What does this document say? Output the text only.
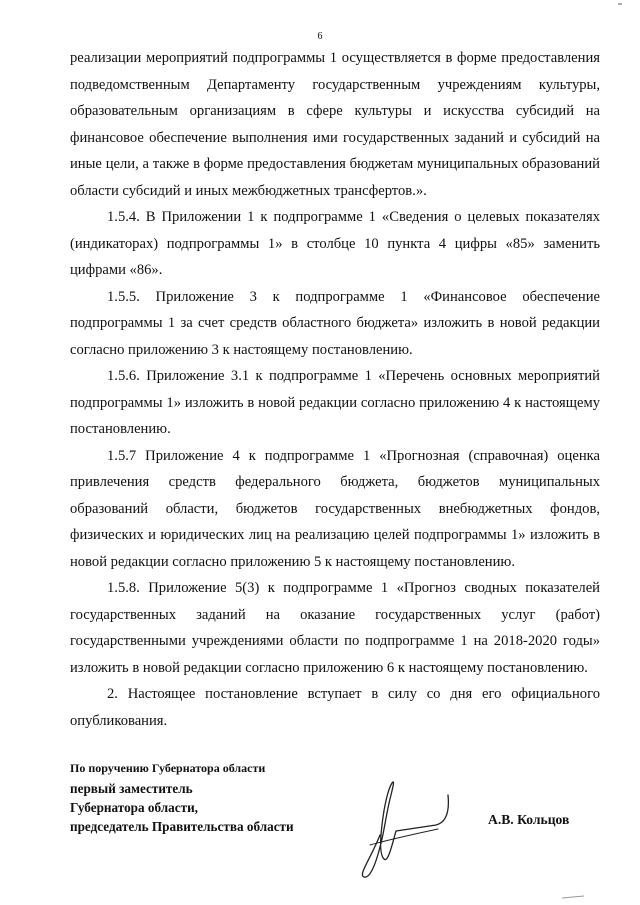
6

реализации мероприятий подпрограммы 1 осуществляется в форме предоставления подведомственным Департаменту государственным учреждениям культуры, образовательным организациям в сфере культуры и искусства субсидий на финансовое обеспечение выполнения ими государственных заданий и субсидий на иные цели, а также в форме предоставления бюджетам муниципальных образований области субсидий и иных межбюджетных трансфертов.».

1.5.4. В Приложении 1 к подпрограмме 1 «Сведения о целевых показателях (индикаторах) подпрограммы 1» в столбце 10 пункта 4 цифры «85» заменить цифрами «86».

1.5.5. Приложение 3 к подпрограмме 1 «Финансовое обеспечение подпрограммы 1 за счет средств областного бюджета» изложить в новой редакции согласно приложению 3 к настоящему постановлению.

1.5.6. Приложение 3.1 к подпрограмме 1 «Перечень основных мероприятий подпрограммы 1» изложить в новой редакции согласно приложению 4 к настоящему постановлению.

1.5.7 Приложение 4 к подпрограмме 1 «Прогнозная (справочная) оценка привлечения средств федерального бюджета, бюджетов муниципальных образований области, бюджетов государственных внебюджетных фондов, физических и юридических лиц на реализацию целей подпрограммы 1» изложить в новой редакции согласно приложению 5 к настоящему постановлению.

1.5.8. Приложение 5(3) к подпрограмме 1 «Прогноз сводных показателей государственных заданий на оказание государственных услуг (работ) государственными учреждениями области по подпрограмме 1 на 2018-2020 годы» изложить в новой редакции согласно приложению 6 к настоящему постановлению.

2. Настоящее постановление вступает в силу со дня его официального опубликования.

По поручению Губернатора области
первый заместитель
Губернатора области,
председатель Правительства области	А.В. Кольцов
